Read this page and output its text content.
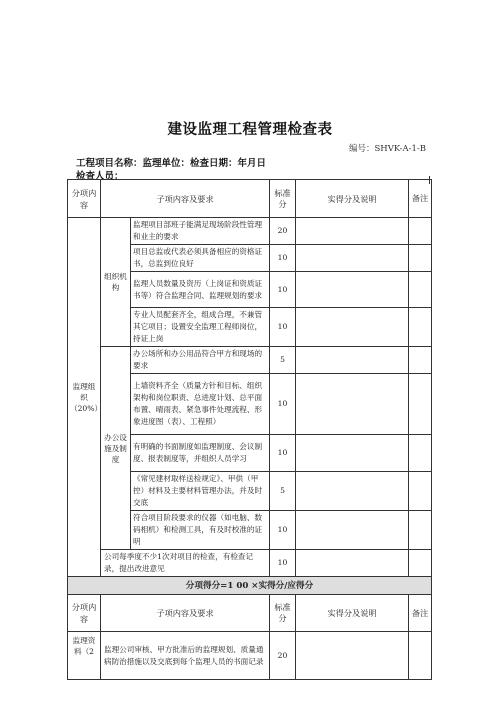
建设监理工程管理检查表
编号：SHVK-A-1-B
工程项目名称：监理单位：检查日期：年月日
检查人员：
分项内容	子项内容及要求		标准分	实得分及说明	备注
监理组织（20%）	组织机构	监理项目部班子能满足现场阶段性管理和业主的要求	20		
		项目总监或代表必须具备相应的资格证书，总监到位良好	10		
		监理人员数量及资历（上岗证和资质证书等）符合监理合同、监理规划的要求	10		
		专业人员配套齐全，组成合理，不兼管其它项目；设置安全监理工程师岗位，持证上岗	10		
	办公设施及制度	办公场所和办公用品符合甲方和现场的要求	5		
		上墙资料齐全（质量方针和目标、组织架构和岗位职责、总进度计划、总平面布置、晴雨表、紧急事件处理流程、形象进度图（表）、工程照）	10		
		有明确的书面制度如监理制度、会议制度、报表制度等，并组织人员学习	10		
		《常见建材取样送检规定》、甲供（甲控）材料及主要材料管理办法，并及时交底	5		
		符合项目阶段要求的仪器（如电脑、数码相机）和检测工具，有及时校准的证明	10		
	公司每季度不少1次对项目的检查，有检查记录，提出改进意见		10		
分项得分=1 00 ×实得分/应得分					
分项内容	子项内容及要求		标准分	实得分及说明	备注
监理资料（2	监理公司审核、甲方批准后的监理规划、质量通病防治措施以及交底到每个监理人员的书面记录		20		
